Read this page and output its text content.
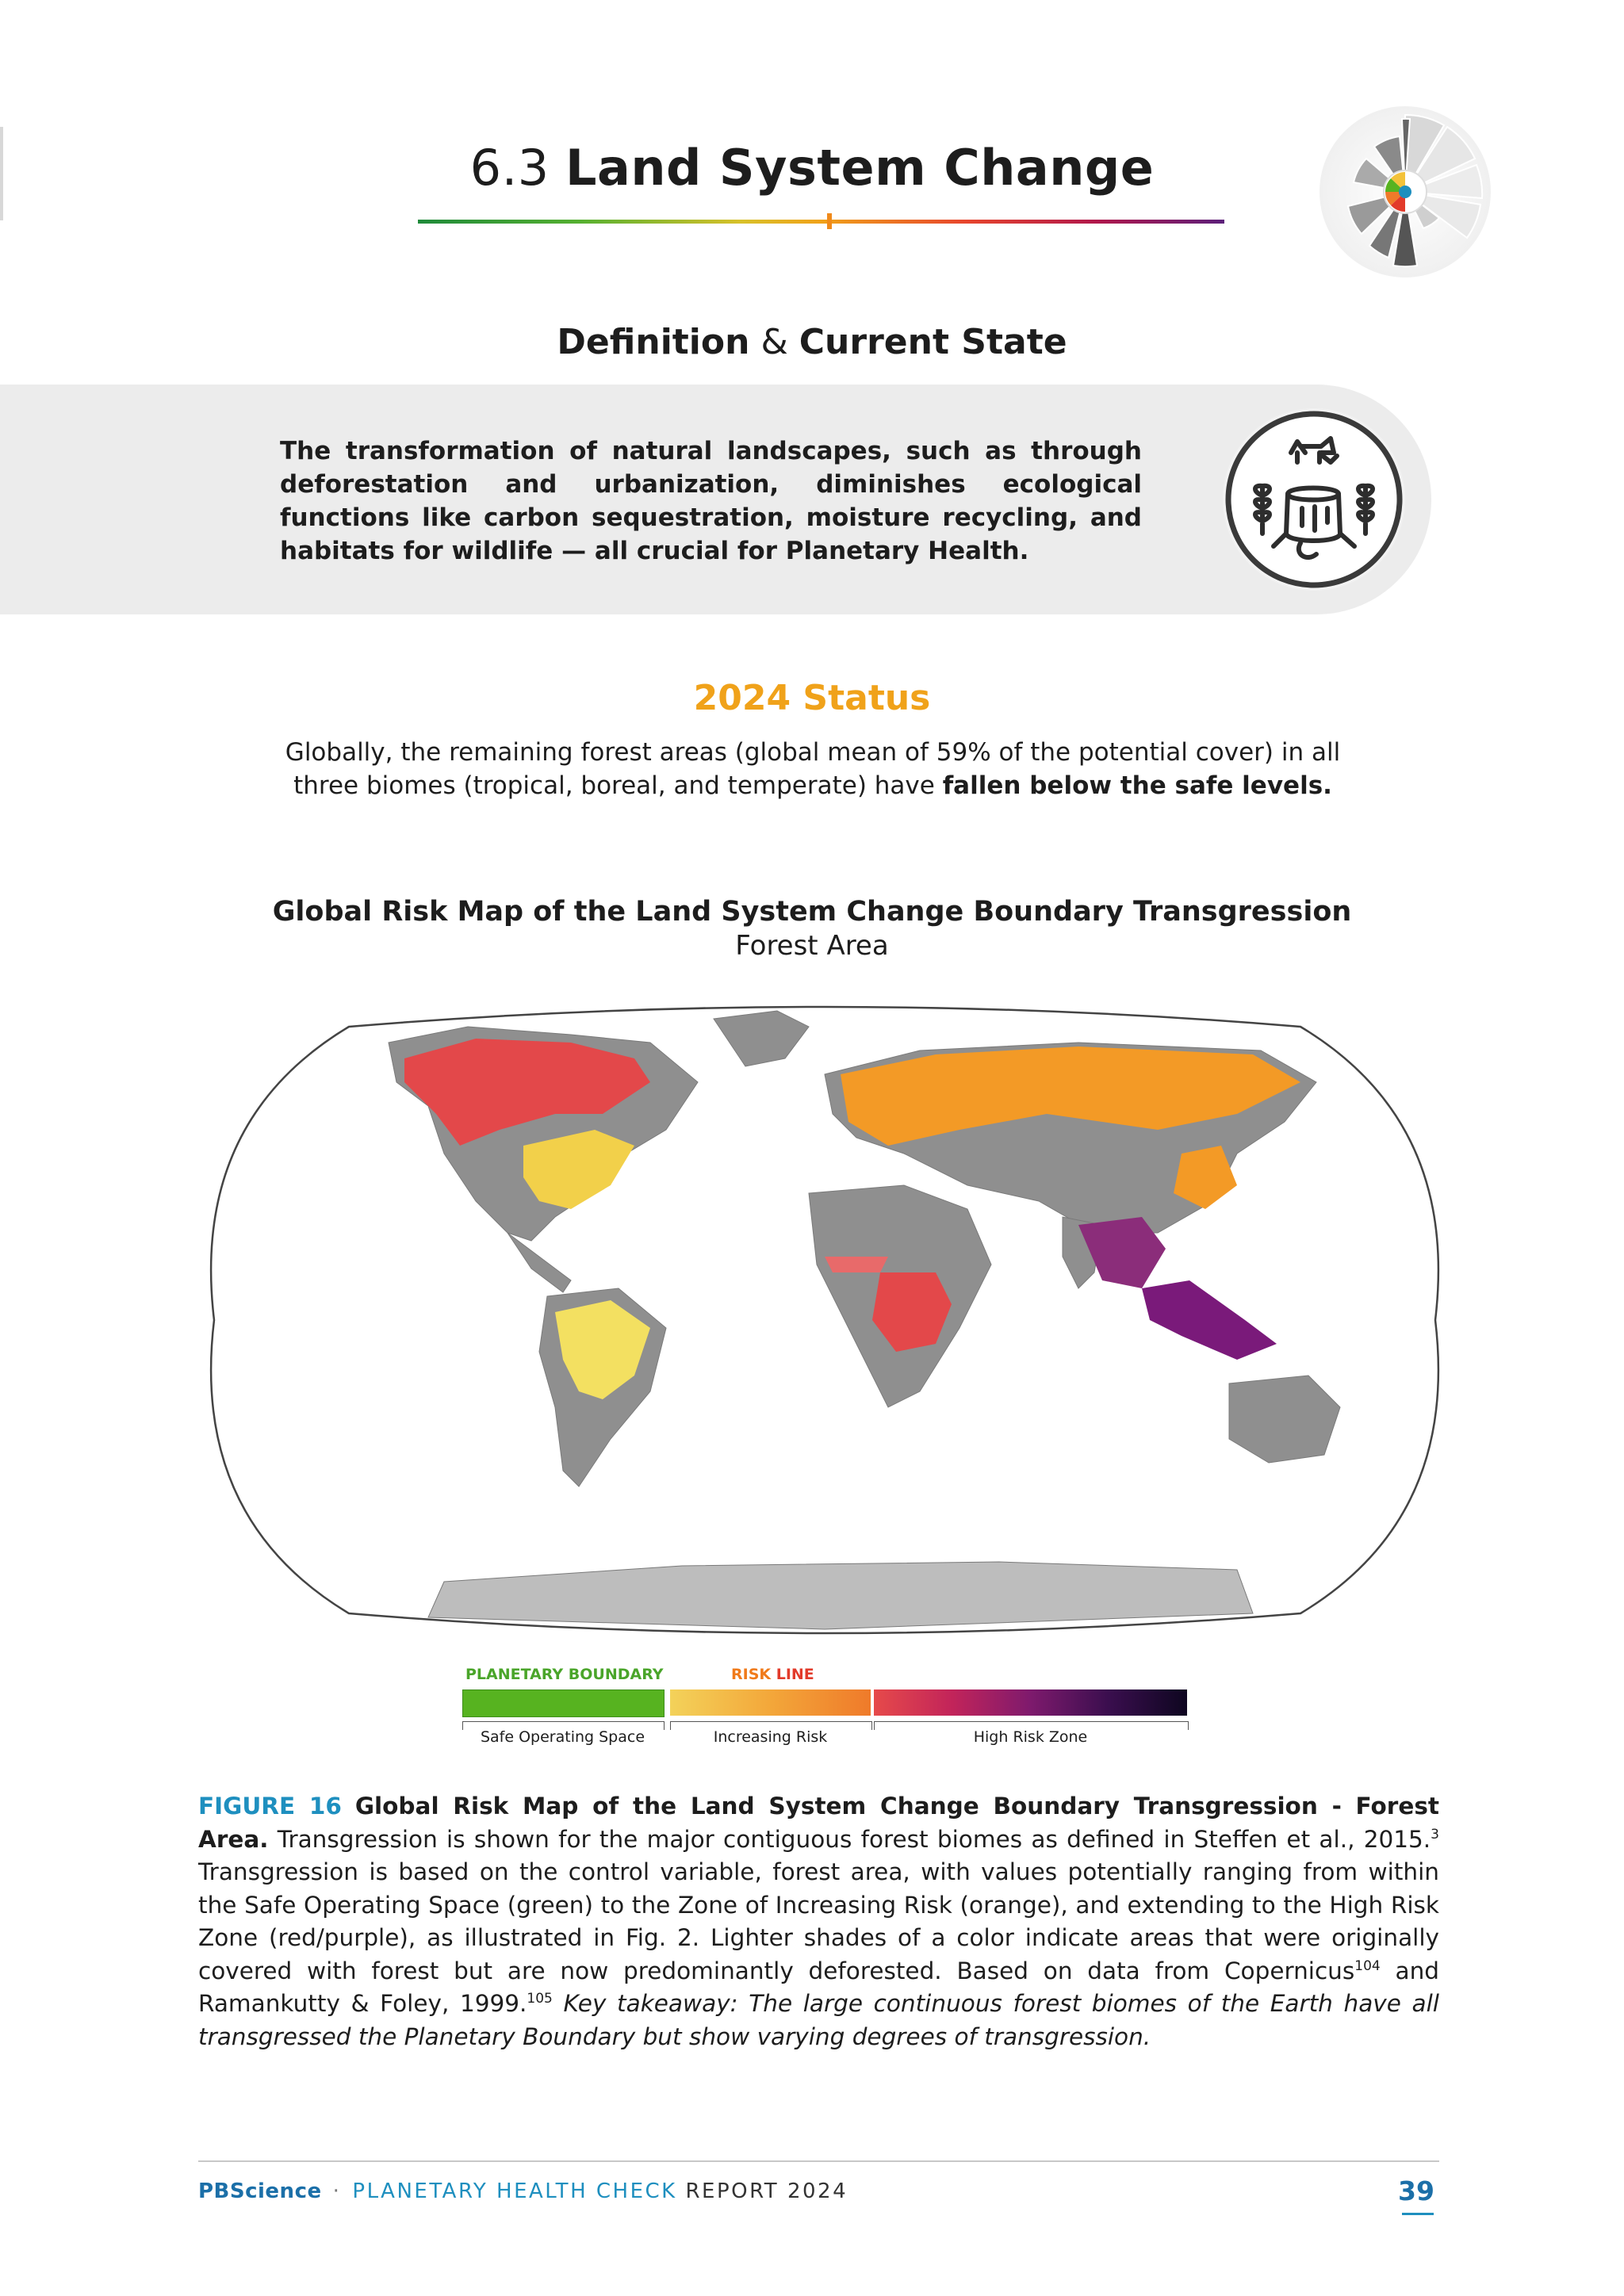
6.3 Land System Change
Definition & Current State
The transformation of natural landscapes, such as through deforestation and urbanization, diminishes ecological functions like carbon sequestration, moisture recycling, and habitats for wildlife — all crucial for Planetary Health.
2024 Status
Globally, the remaining forest areas (global mean of 59% of the potential cover) in all three biomes (tropical, boreal, and temperate) have fallen below the safe levels.
Global Risk Map of the Land System Change Boundary Transgression
Forest Area
PLANETARY BOUNDARY	RISK LINE
Safe Operating Space	Increasing Risk	High Risk Zone
FIGURE 16 Global Risk Map of the Land System Change Boundary Transgression - Forest Area. Transgression is shown for the major contiguous forest biomes as defined in Steffen et al., 2015.$^3$ Transgression is based on the control variable, forest area, with values potentially ranging from within the Safe Operating Space (green) to the Zone of Increasing Risk (orange), and extending to the High Risk Zone (red/purple), as illustrated in Fig. 2. Lighter shades of a color indicate areas that were originally covered with forest but are now predominantly deforested. Based on data from Copernicus$^{104}$ and Ramankutty & Foley, 1999.$^{105}$ Key takeaway: The large continuous forest biomes of the Earth have all transgressed the Planetary Boundary but show varying degrees of transgression.
PBScience · PLANETARY HEALTH CHECK REPORT 2024	39
